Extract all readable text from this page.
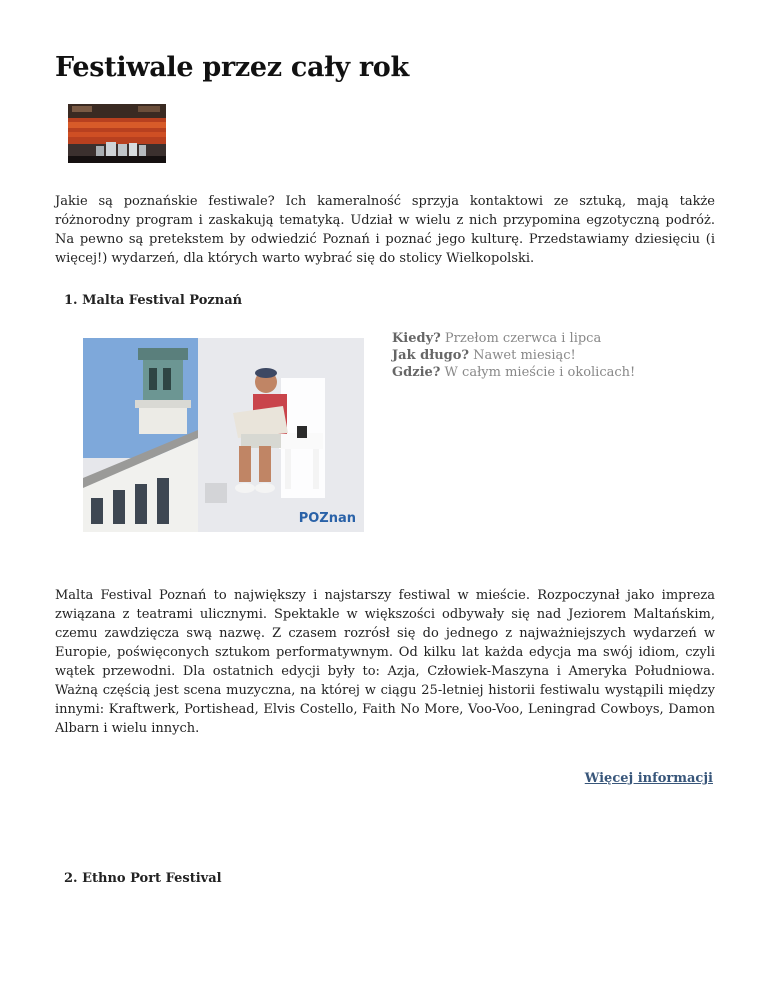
Festiwale przez cały rok

Jakie są poznańskie festiwale? Ich kameralność sprzyja kontaktowi ze sztuką, mają także różnorodny program i zaskakują tematyką. Udział w wielu z nich przypomina egzotyczną podróż. Na pewno są pretekstem by odwiedzić Poznań i poznać jego kulturę. Przedstawiamy dziesięciu (i więcej!) wydarzeń, dla których warto wybrać się do stolicy Wielkopolski.

1. Malta Festival Poznań
POZnan
Kiedy? Przełom czerwca i lipca
Jak długo? Nawet miesiąc!
Gdzie? W całym mieście i okolicach!

Malta Festival Poznań to największy i najstarszy festiwal w mieście. Rozpoczynał jako impreza związana z teatrami ulicznymi. Spektakle w większości odbywały się nad Jeziorem Maltańskim, czemu zawdzięcza swą nazwę. Z czasem rozrósł się do jednego z najważniejszych wydarzeń w Europie, poświęconych sztukom performatywnym. Od kilku lat każda edycja ma swój idiom, czyli wątek przewodni. Dla ostatnich edycji były to: Azja, Człowiek-Maszyna i Ameryka Południowa. Ważną częścią jest scena muzyczna, na której w ciągu 25-letniej historii festiwalu wystąpili między innymi: Kraftwerk, Portishead, Elvis Costello, Faith No More, Voo-Voo, Leningrad Cowboys, Damon Albarn i wielu innych.

Więcej informacji
2. Ethno Port Festival
